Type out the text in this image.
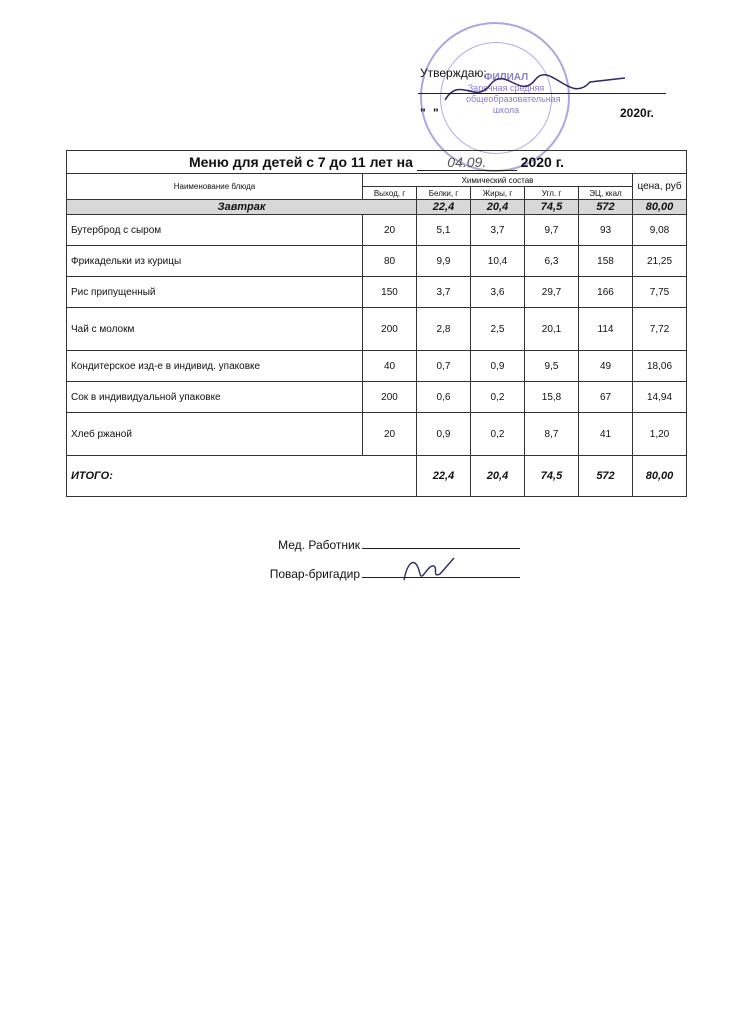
ФИЛИАЛ
Заречная средняя
общеобразовательная школа
Утверждаю:
" "	2020г.
Меню для детей с 7 до 11 лет на 04.09. 2020 г.						
Наименование блюда	Химический состав					цена, руб
	Выход, г	Белки, г	Жиры, г	Угл. г	ЭЦ, ккал	
Завтрак		22,4	20,4	74,5	572	80,00
Бутерброд с сыром	20	5,1	3,7	9,7	93	9,08
Фрикадельки из курицы	80	9,9	10,4	6,3	158	21,25
Рис припущенный	150	3,7	3,6	29,7	166	7,75
Чай с молокм	200	2,8	2,5	20,1	114	7,72
Кондитерское изд-е в индивид. упаковке	40	0,7	0,9	9,5	49	18,06
Сок в индивидуальной упаковке	200	0,6	0,2	15,8	67	14,94
Хлеб ржаной	20	0,9	0,2	8,7	41	1,20
ИТОГО:		22,4	20,4	74,5	572	80,00
Мед. Работник
Повар-бригадир
